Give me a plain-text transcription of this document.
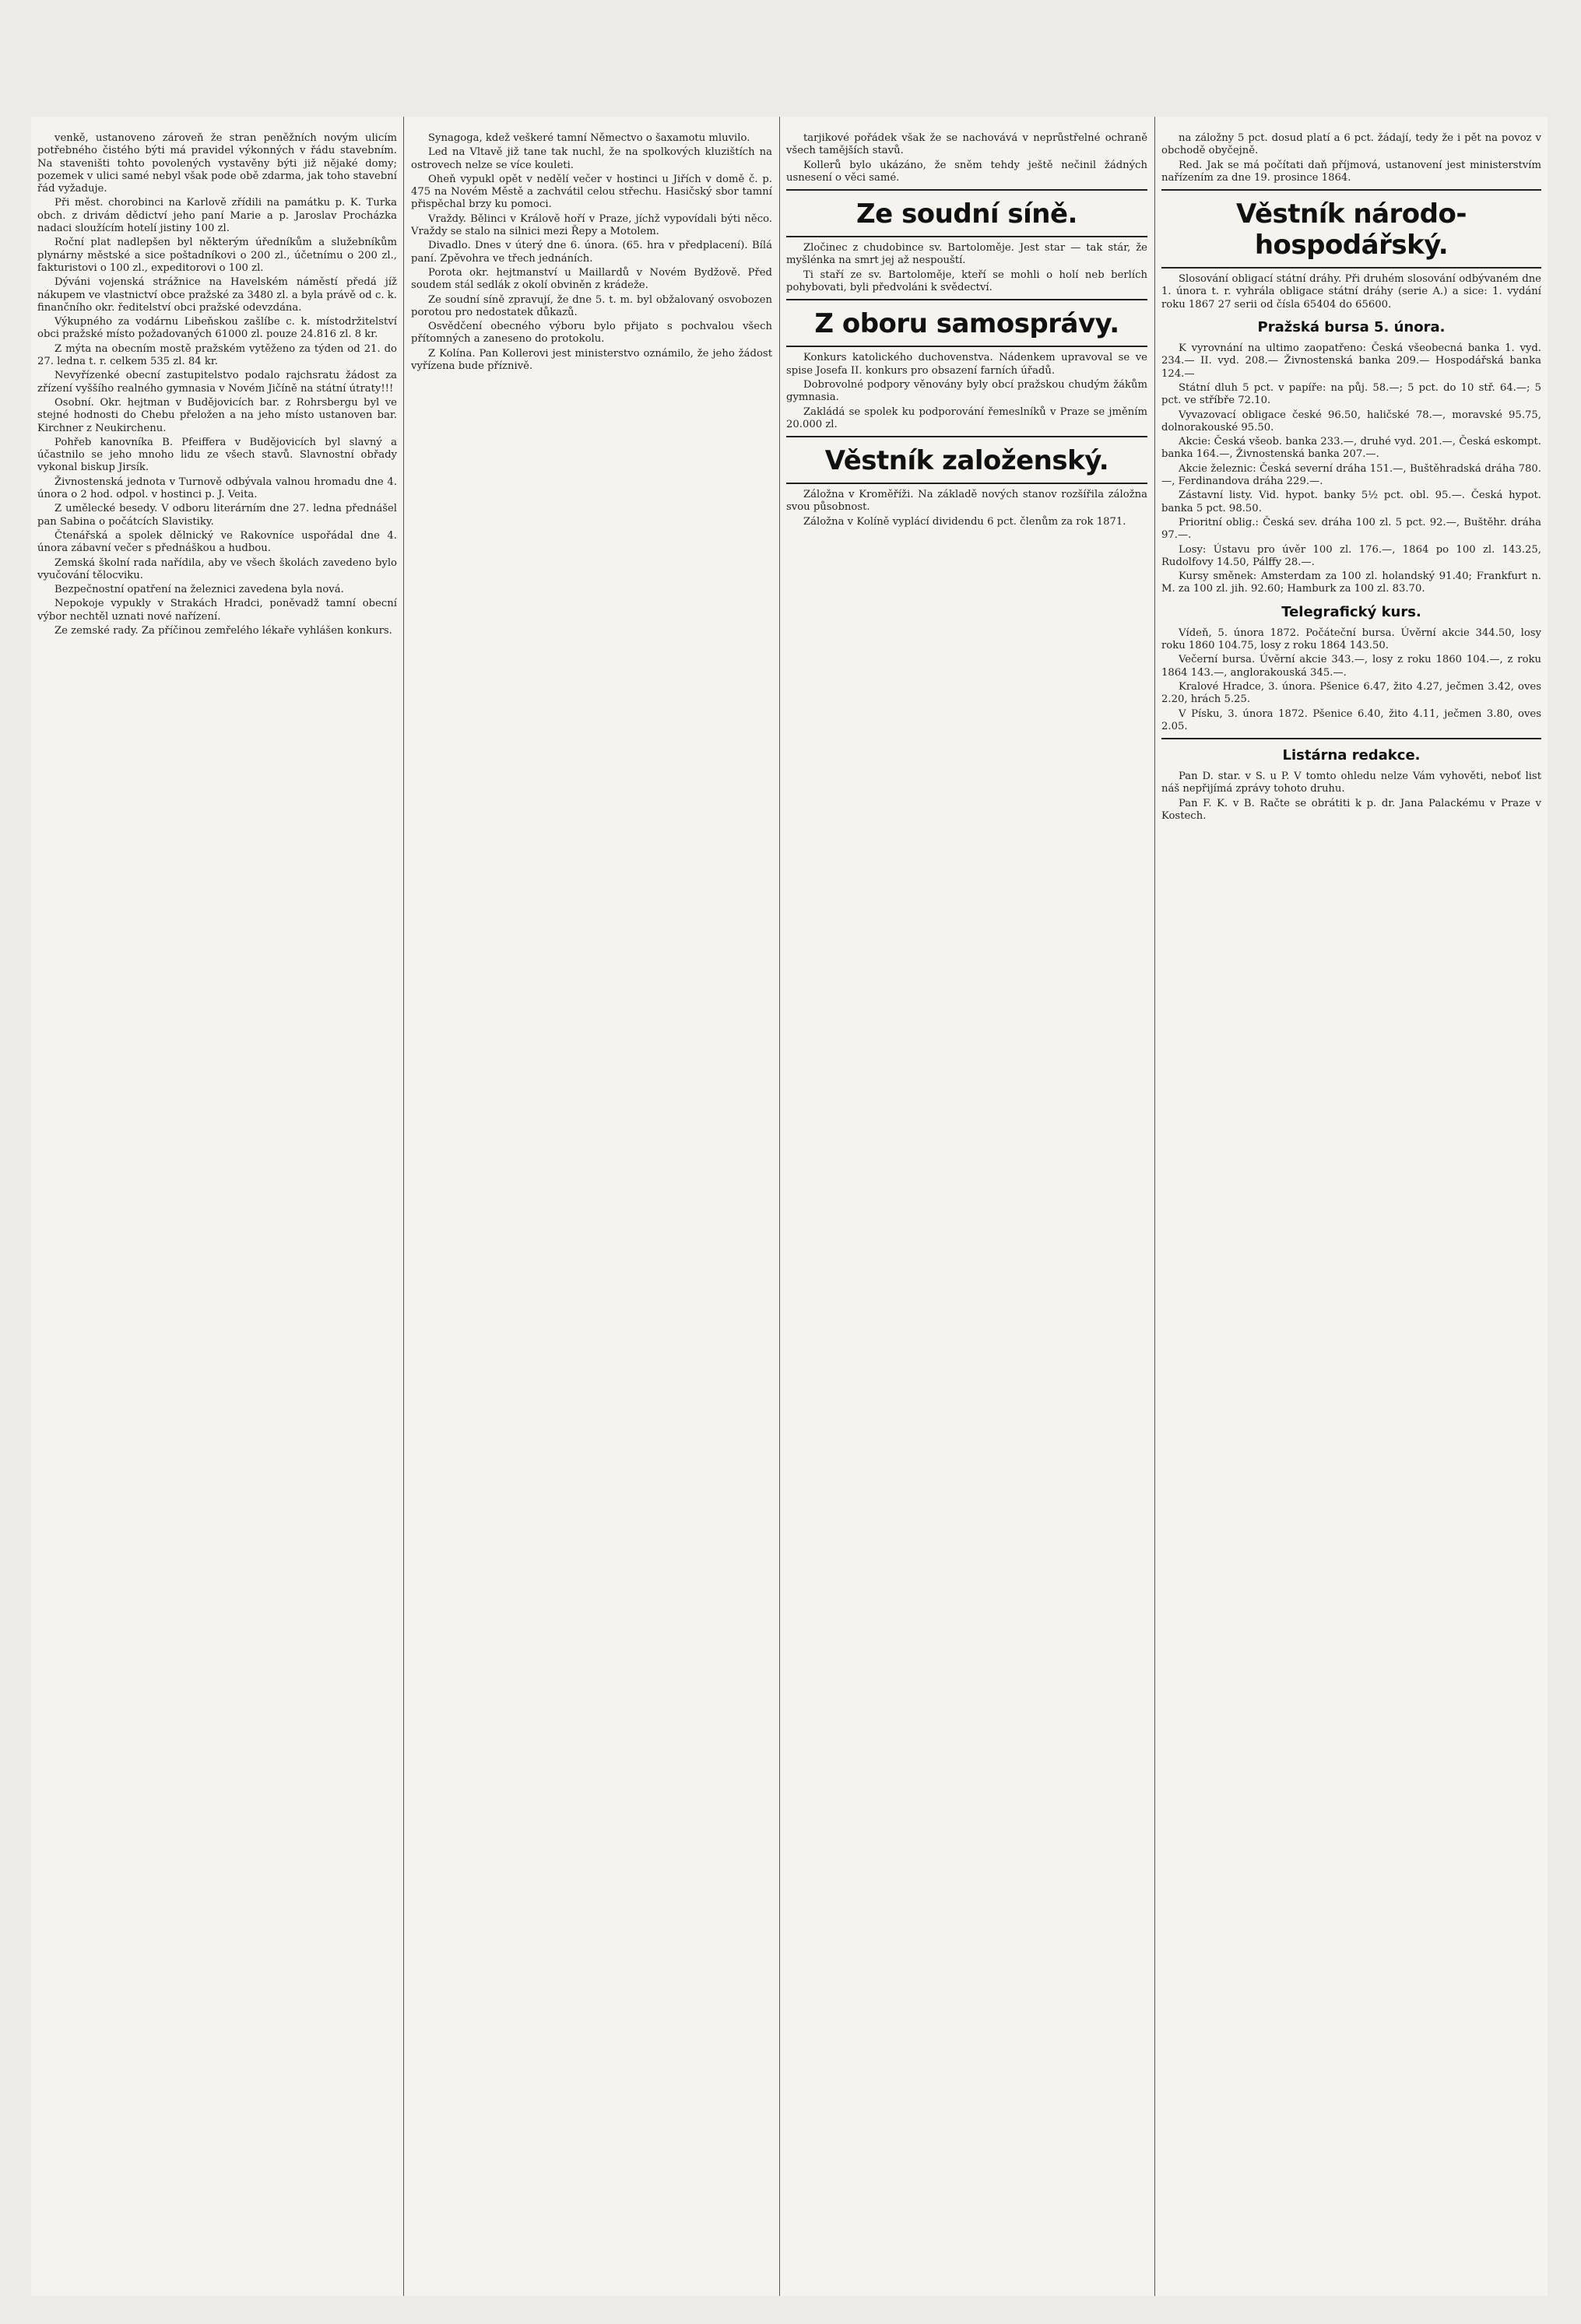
venkě, ustanoveno zároveň že stran peněžních novým ulicím potřebného čistého býti má pravidel výkonných v řádu stavebním. Na staveništi tohto povolených vystavěny býti již nějaké domy; pozemek v ulici samé nebyl však pode obě zdarma, jak toho stavební řád vyžaduje.

Při měst. chorobinci na Karlově zřídili na památku p. K. Turka obch. z drivám dědictví jeho paní Marie a p. Jaroslav Procházka nadaci sloužícím hotelí jistiny 100 zl.

Roční plat nadlepšen byl některým úředníkům a služebníkům plynárny městské a sice poštadníkovi o 200 zl., účetnímu o 200 zl., fakturistovi o 100 zl., expeditorovi o 100 zl.

Dýváni vojenská strážnice na Havelském náměstí předá jíž nákupem ve vlastnictví obce pražské za 3480 zl. a byla právě od c. k. finančního okr. ředitelství obci pražské odevzdána.

Výkupného za vodárnu Libeňskou zašlíbe c. k. místodržitelství obci pražské místo požadovaných 61000 zl. pouze 24.816 zl. 8 kr.

Z mýta na obecním mostě pražském vytěženo za týden od 21. do 27. ledna t. r. celkem 535 zl. 84 kr.

Nevyřízenké obecní zastupitelstvo podalo rajchsratu žádost za zřízení vyššího realného gymnasia v Novém Jičíně na státní útraty!!!

Osobní. Okr. hejtman v Budějovicích bar. z Rohrsbergu byl ve stejné hodnosti do Chebu přeložen a na jeho místo ustanoven bar. Kirchner z Neukirchenu.

Pohřeb kanovníka B. Pfeiffera v Budějovicích byl slavný a účastnilo se jeho mnoho lidu ze všech stavů. Slavnostní obřady vykonal biskup Jirsík.

Živnostenská jednota v Turnově odbývala valnou hromadu dne 4. února o 2 hod. odpol. v hostinci p. J. Veita.

Z umělecké besedy. V odboru literárním dne 27. ledna přednášel pan Sabina o počátcích Slavistiky.

Čtenářská a spolek dělnický ve Rakovníce uspořádal dne 4. února zábavní večer s přednáškou a hudbou.

Zemská školní rada nařídila, aby ve všech školách zavedeno bylo vyučování tělocviku.

Bezpečnostní opatření na železnici zavedena byla nová.

Nepokoje vypukly v Strakách Hradci, poněvadž tamní obecní výbor nechtěl uznati nové nařízení.

Ze zemské rady. Za příčinou zemřelého lékaře vyhlášen konkurs.

Synagoga, kdež veškeré tamní Němectvo o šaxamotu mluvilo.

Led na Vltavě již tane tak nuchl, že na spolkových kluzištích na ostrovech nelze se více kouleti.

Oheň vypukl opět v nedělí večer v hostinci u Jiřích v domě č. p. 475 na Novém Městě a zachvátil celou střechu. Hasičský sbor tamní přispěchal brzy ku pomoci.

Vraždy. Bělinci v Králově hoří v Praze, jíchž vypovídali býti něco. Vraždy se stalo na silnici mezi Řepy a Motolem.

Divadlo. Dnes v úterý dne 6. února. (65. hra v předplacení). Bílá paní. Zpěvohra ve třech jednáních.

Porota okr. hejtmanství u Maillardů v Novém Bydžově. Před soudem stál sedlák z okolí obviněn z krádeže.

Ze soudní síně zpravují, že dne 5. t. m. byl obžalovaný osvobozen porotou pro nedostatek důkazů.

Osvědčení obecného výboru bylo přijato s pochvalou všech přítomných a zaneseno do protokolu.

Z Kolína. Pan Kollerovi jest ministerstvo oznámilo, že jeho žádost vyřízena bude příznivě.

tarjikové pořádek však že se nachovává v neprůstřelné ochraně všech tamějších stavů.

Kollerů bylo ukázáno, že sněm tehdy ještě nečinil žádných usnesení o věci samé.

Ze soudní síně.

Zločinec z chudobince sv. Bartoloměje. Jest star — tak stár, že myšlénka na smrt jej až nespouští.

Ti staří ze sv. Bartoloměje, kteří se mohli o holí neb berlích pohybovati, byli předvoláni k svědectví.

Z oboru samosprávy.

Konkurs katolického duchovenstva. Nádenkem upravoval se ve spise Josefa II. konkurs pro obsazení farních úřadů.

Dobrovolné podpory věnovány byly obcí pražskou chudým žákům gymnasia.

Zakládá se spolek ku podporování řemeslníků v Praze se jměním 20.000 zl.

Věstník založenský.

Záložna v Kroměříži. Na základě nových stanov rozšířila záložna svou působnost.

Záložna v Kolíně vyplácí dividendu 6 pct. členům za rok 1871.

na záložny 5 pct. dosud platí a 6 pct. žádají, tedy že i pět na povoz v obchodě obyčejně.

Red. Jak se má počítati daň příjmová, ustanovení jest ministerstvím nařízením za dne 19. prosince 1864.

Věstník národo-hospodářský.

Slosování obligací státní dráhy. Při druhém slosování odbývaném dne 1. února t. r. vyhrála obligace státní dráhy (serie A.) a sice: 1. vydání roku 1867 27 serii od čísla 65404 do 65600.

Pražská bursa 5. února.

K vyrovnání na ultimo zaopatřeno: Česká všeobecná banka 1. vyd. 234.— II. vyd. 208.— Živnostenská banka 209.— Hospodářská banka 124.—

Státní dluh 5 pct. v papíře: na půj. 58.—; 5 pct. do 10 stř. 64.—; 5 pct. ve stříbře 72.10.

Vyvazovací obligace české 96.50, haličské 78.—, moravské 95.75, dolnorakouské 95.50.

Akcie: Česká všeob. banka 233.—, druhé vyd. 201.—, Česká eskompt. banka 164.—, Živnostenská banka 207.—.

Akcie železnic: Česká severní dráha 151.—, Buštěhradská dráha 780.—, Ferdinandova dráha 229.—.

Zástavní listy. Vid. hypot. banky 5½ pct. obl. 95.—. Česká hypot. banka 5 pct. 98.50.

Prioritní oblig.: Česká sev. dráha 100 zl. 5 pct. 92.—, Buštěhr. dráha 97.—.

Losy: Ústavu pro úvěr 100 zl. 176.—, 1864 po 100 zl. 143.25, Rudolfovy 14.50, Pálffy 28.—.

Kursy směnek: Amsterdam za 100 zl. holandský 91.40; Frankfurt n. M. za 100 zl. jih. 92.60; Hamburk za 100 zl. 83.70.

Telegrafický kurs.

Vídeň, 5. února 1872. Počáteční bursa. Úvěrní akcie 344.50, losy roku 1860 104.75, losy z roku 1864 143.50.

Večerní bursa. Úvěrní akcie 343.—, losy z roku 1860 104.—, z roku 1864 143.—, anglorakouská 345.—.

Kralové Hradce, 3. února. Pšenice 6.47, žito 4.27, ječmen 3.42, oves 2.20, hrách 5.25.

V Písku, 3. února 1872. Pšenice 6.40, žito 4.11, ječmen 3.80, oves 2.05.

Listárna redakce.

Pan D. star. v S. u P. V tomto ohledu nelze Vám vyhověti, neboť list náš nepřijímá zprávy tohoto druhu.

Pan F. K. v B. Račte se obrátiti k p. dr. Jana Palackému v Praze v Kostech.
